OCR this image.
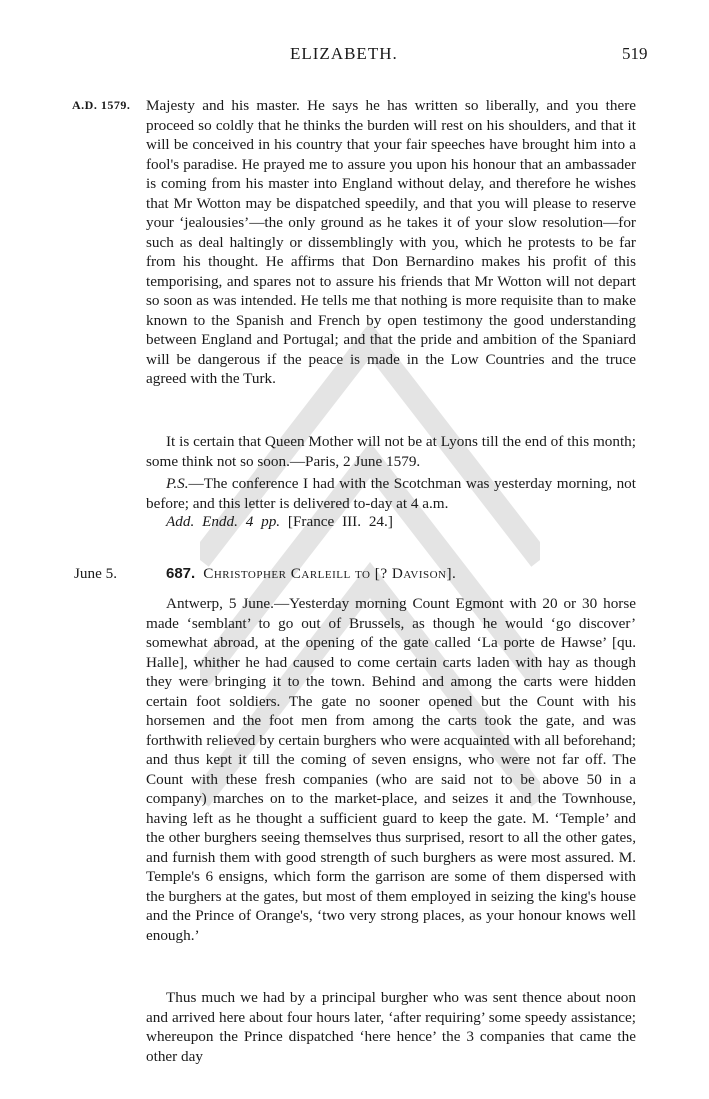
ELIZABETH.	519
A.D. 1579. Majesty and his master. He says he has written so liberally, and you there proceed so coldly that he thinks the burden will rest on his shoulders, and that it will be conceived in his country that your fair speeches have brought him into a fool's paradise. He prayed me to assure you upon his honour that an ambassader is coming from his master into England without delay, and therefore he wishes that Mr Wotton may be dispatched speedily, and that you will please to reserve your ‘jealousies’—the only ground as he takes it of your slow resolution—for such as deal haltingly or dissemblingly with you, which he protests to be far from his thought. He affirms that Don Bernardino makes his profit of this temporising, and spares not to assure his friends that Mr Wotton will not depart so soon as was intended. He tells me that nothing is more requisite than to make known to the Spanish and French by open testimony the good understanding between England and Portugal; and that the pride and ambition of the Spaniard will be dangerous if the peace is made in the Low Countries and the truce agreed with the Turk.

It is certain that Queen Mother will not be at Lyons till the end of this month; some think not so soon.—Paris, 2 June 1579.

P.S.—The conference I had with the Scotchman was yesterday morning, not before; and this letter is delivered to-day at 4 a.m.

Add. Endd. 4 pp. [France III. 24.]
June 5.	687. Christopher Carleill to [? Davison].

Antwerp, 5 June.—Yesterday morning Count Egmont with 20 or 30 horse made ‘semblant’ to go out of Brussels, as though he would ‘go discover’ somewhat abroad, at the opening of the gate called ‘La porte de Hawse’ [qu. Halle], whither he had caused to come certain carts laden with hay as though they were bringing it to the town. Behind and among the carts were hidden certain foot soldiers. The gate no sooner opened but the Count with his horsemen and the foot men from among the carts took the gate, and was forthwith relieved by certain burghers who were acquainted with all beforehand; and thus kept it till the coming of seven ensigns, who were not far off. The Count with these fresh companies (who are said not to be above 50 in a company) marches on to the market-place, and seizes it and the Townhouse, having left as he thought a sufficient guard to keep the gate. M. ‘Temple’ and the other burghers seeing themselves thus surprised, resort to all the other gates, and furnish them with good strength of such burghers as were most assured. M. Temple's 6 ensigns, which form the garrison are some of them dispersed with the burghers at the gates, but most of them employed in seizing the king's house and the Prince of Orange's, ‘two very strong places, as your honour knows well enough.’

Thus much we had by a principal burgher who was sent thence about noon and arrived here about four hours later, ‘after requiring’ some speedy assistance; whereupon the Prince dispatched ‘here hence’ the 3 companies that came the other day
